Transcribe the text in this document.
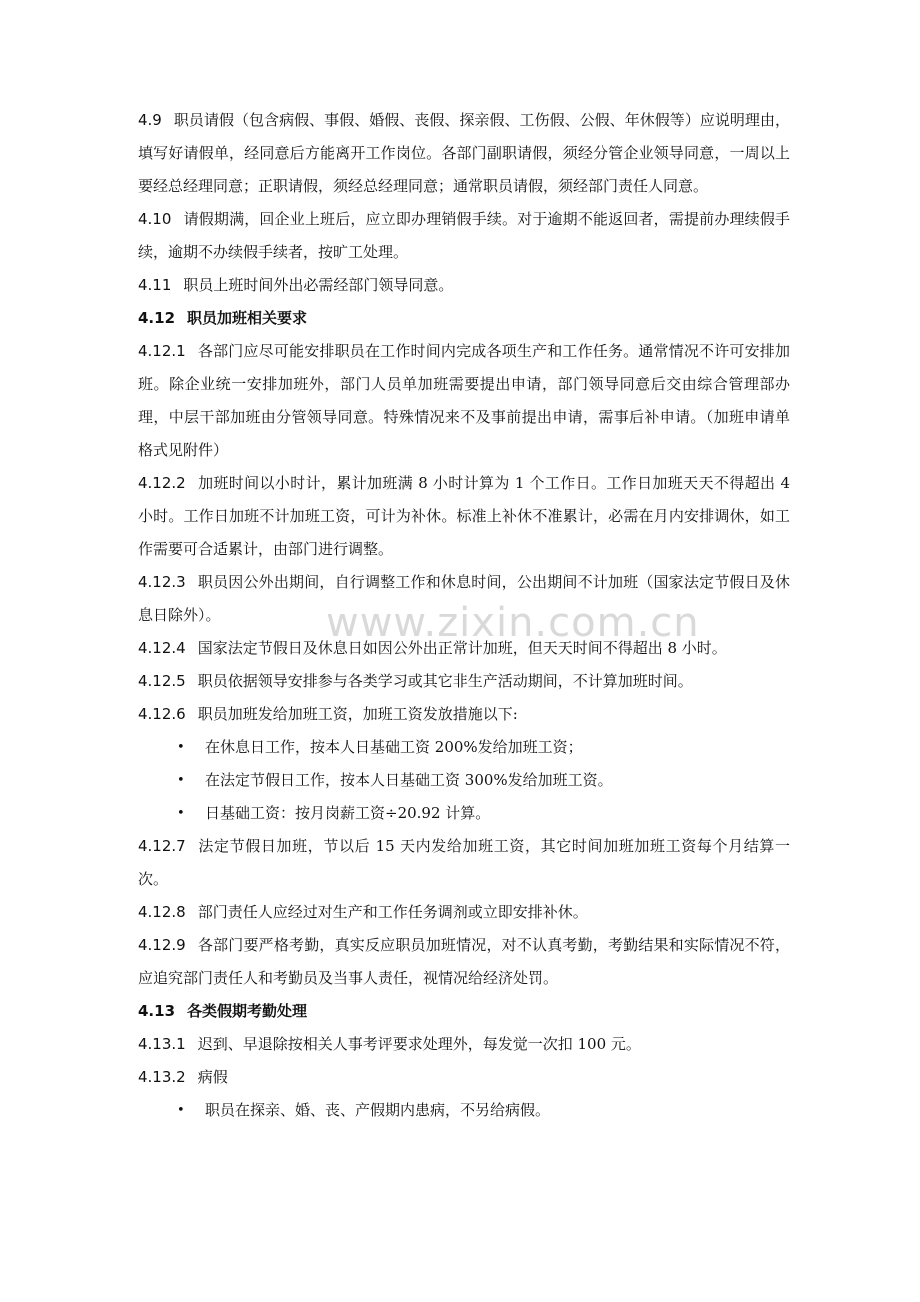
www.zixin.com.cn

4.9 职员请假（包含病假、事假、婚假、丧假、探亲假、工伤假、公假、年休假等）应说明理由，填写好请假单，经同意后方能离开工作岗位。各部门副职请假，须经分管企业领导同意，一周以上要经总经理同意；正职请假，须经总经理同意；通常职员请假，须经部门责任人同意。

4.10 请假期满，回企业上班后，应立即办理销假手续。对于逾期不能返回者，需提前办理续假手续，逾期不办续假手续者，按旷工处理。

4.11 职员上班时间外出必需经部门领导同意。

4.12 职员加班相关要求

4.12.1 各部门应尽可能安排职员在工作时间内完成各项生产和工作任务。通常情况不许可安排加班。除企业统一安排加班外，部门人员单加班需要提出申请，部门领导同意后交由综合管理部办理，中层干部加班由分管领导同意。特殊情况来不及事前提出申请，需事后补申请。（加班申请单格式见附件）

4.12.2 加班时间以小时计，累计加班满 8 小时计算为 1 个工作日。工作日加班天天不得超出 4 小时。工作日加班不计加班工资，可计为补休。标准上补休不准累计，必需在月内安排调休，如工作需要可合适累计，由部门进行调整。

4.12.3 职员因公外出期间，自行调整工作和休息时间，公出期间不计加班（国家法定节假日及休息日除外）。

4.12.4 国家法定节假日及休息日如因公外出正常计加班，但天天时间不得超出 8 小时。

4.12.5 职员依据领导安排参与各类学习或其它非生产活动期间，不计算加班时间。

4.12.6 职员加班发给加班工资，加班工资发放措施以下:

• 在休息日工作，按本人日基础工资 200%发给加班工资；

• 在法定节假日工作，按本人日基础工资 300%发给加班工资。

• 日基础工资：按月岗薪工资÷20.92 计算。

4.12.7 法定节假日加班，节以后 15 天内发给加班工资，其它时间加班加班工资每个月结算一次。

4.12.8 部门责任人应经过对生产和工作任务调剂或立即安排补休。

4.12.9 各部门要严格考勤，真实反应职员加班情况，对不认真考勤，考勤结果和实际情况不符，应追究部门责任人和考勤员及当事人责任，视情况给经济处罚。

4.13 各类假期考勤处理

4.13.1 迟到、早退除按相关人事考评要求处理外，每发觉一次扣 100 元。

4.13.2 病假

• 职员在探亲、婚、丧、产假期内患病，不另给病假。
